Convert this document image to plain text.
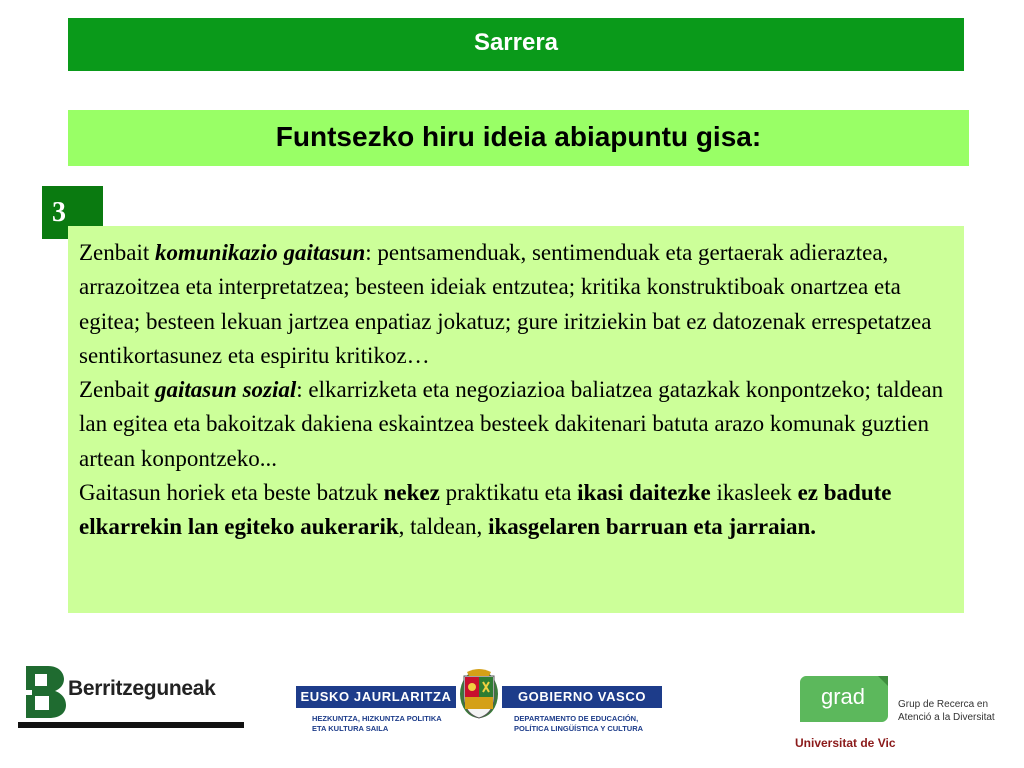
Sarrera
Funtsezko hiru ideia abiapuntu gisa:
3

Zenbait komunikazio gaitasun: pentsamenduak, sentimenduak eta gertaerak adieraztea, arrazoitzea eta interpretatzea; besteen ideiak entzutea; kritika konstruktiboak onartzea eta egitea; besteen lekuan jartzea enpatiaz jokatuz; gure iritziekin bat ez datozenak errespetatzea sentikortasunez eta espiritu kritikoz…

Zenbait gaitasun sozial: elkarrizketa eta negoziazioa baliatzea gatazkak konpontzeko; taldean lan egitea eta bakoitzak dakiena eskaintzea besteek dakitenari batuta arazo komunak guztien artean konpontzeko...

Gaitasun horiek eta beste batzuk nekez praktikatu eta ikasi daitezke ikasleek ez badute elkarrekin lan egiteko aukerarik, taldean, ikasgelaren barruan eta jarraian.

Berritzeguneak	EUSKO JAURLARITZA	GOBIERNO VASCO
HEZKUNTZA, HIZKUNTZA POLITIKA
ETA KULTURA SAILA
DEPARTAMENTO DE EDUCACIÓN,
POLÍTICA LINGÜÍSTICA Y CULTURA
grad	Grup de Recerca en
Atenció a la Diversitat
Universitat de Vic
